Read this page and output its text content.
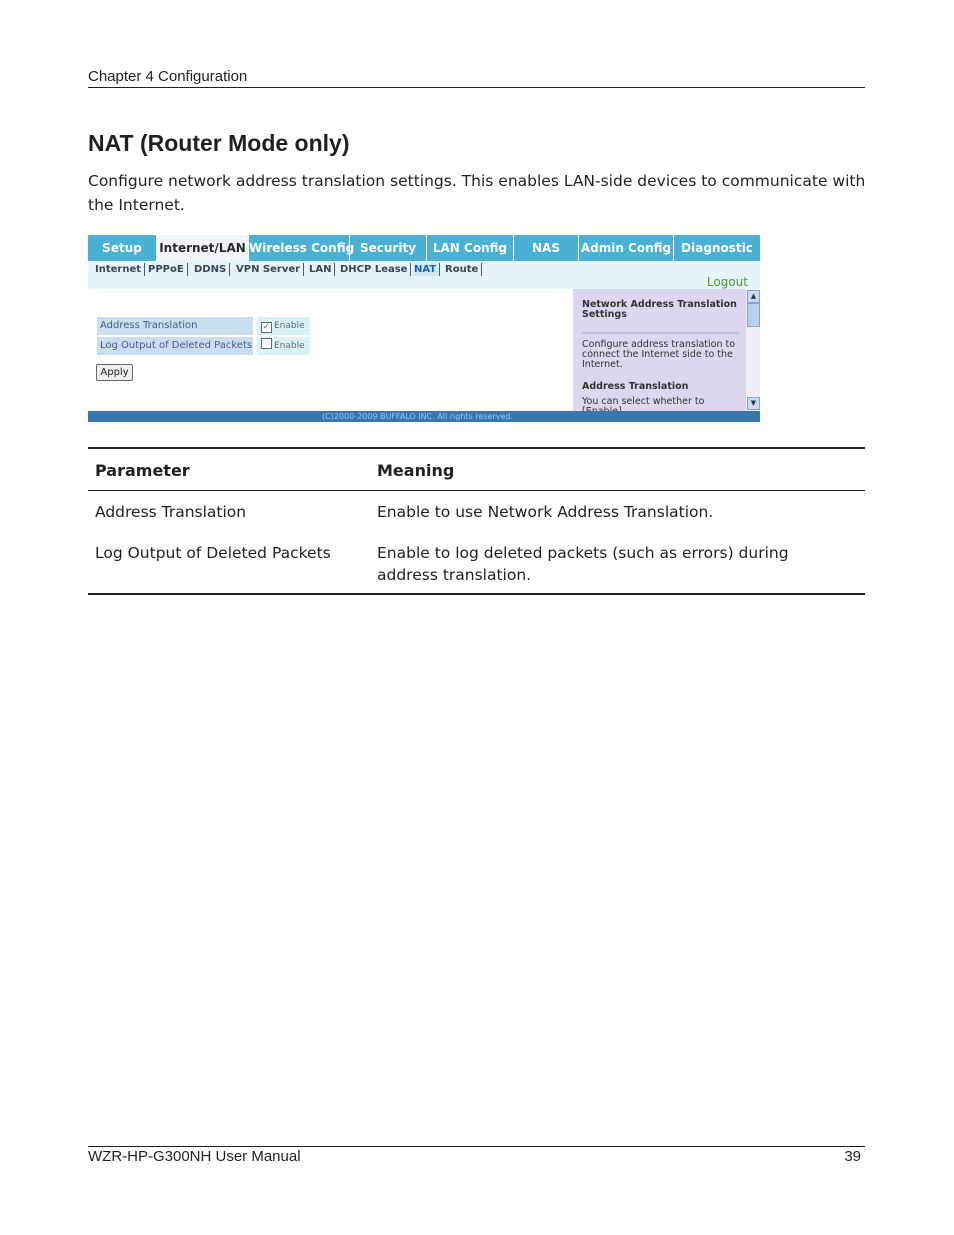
Chapter 4 Configuration
NAT (Router Mode only)
Configure network address translation settings. This enables LAN-side devices to communicate with the Internet.
Setup	Internet/LAN Wireless Config Security	LAN Config	NAS	Admin Config Diagnostic
Internet PPPoE	DDNS VPN Server LAN DHCP Lease NAT Route
Logout
Address Translation	✓ Enable
Log Output of Deleted Packets	Enable
Apply
Network Address Translation Settings
Configure address translation to connect the Internet side to the Internet.
Address Translation
You can select whether to
▲
▼
(C)2000-2009 BUFFALO INC. All rights reserved.
Parameter	Meaning
Address Translation	Enable to use Network Address Translation.
Log Output of Deleted Packets	Enable to log deleted packets (such as errors) during address translation.
WZR-HP-G300NH User Manual	39
